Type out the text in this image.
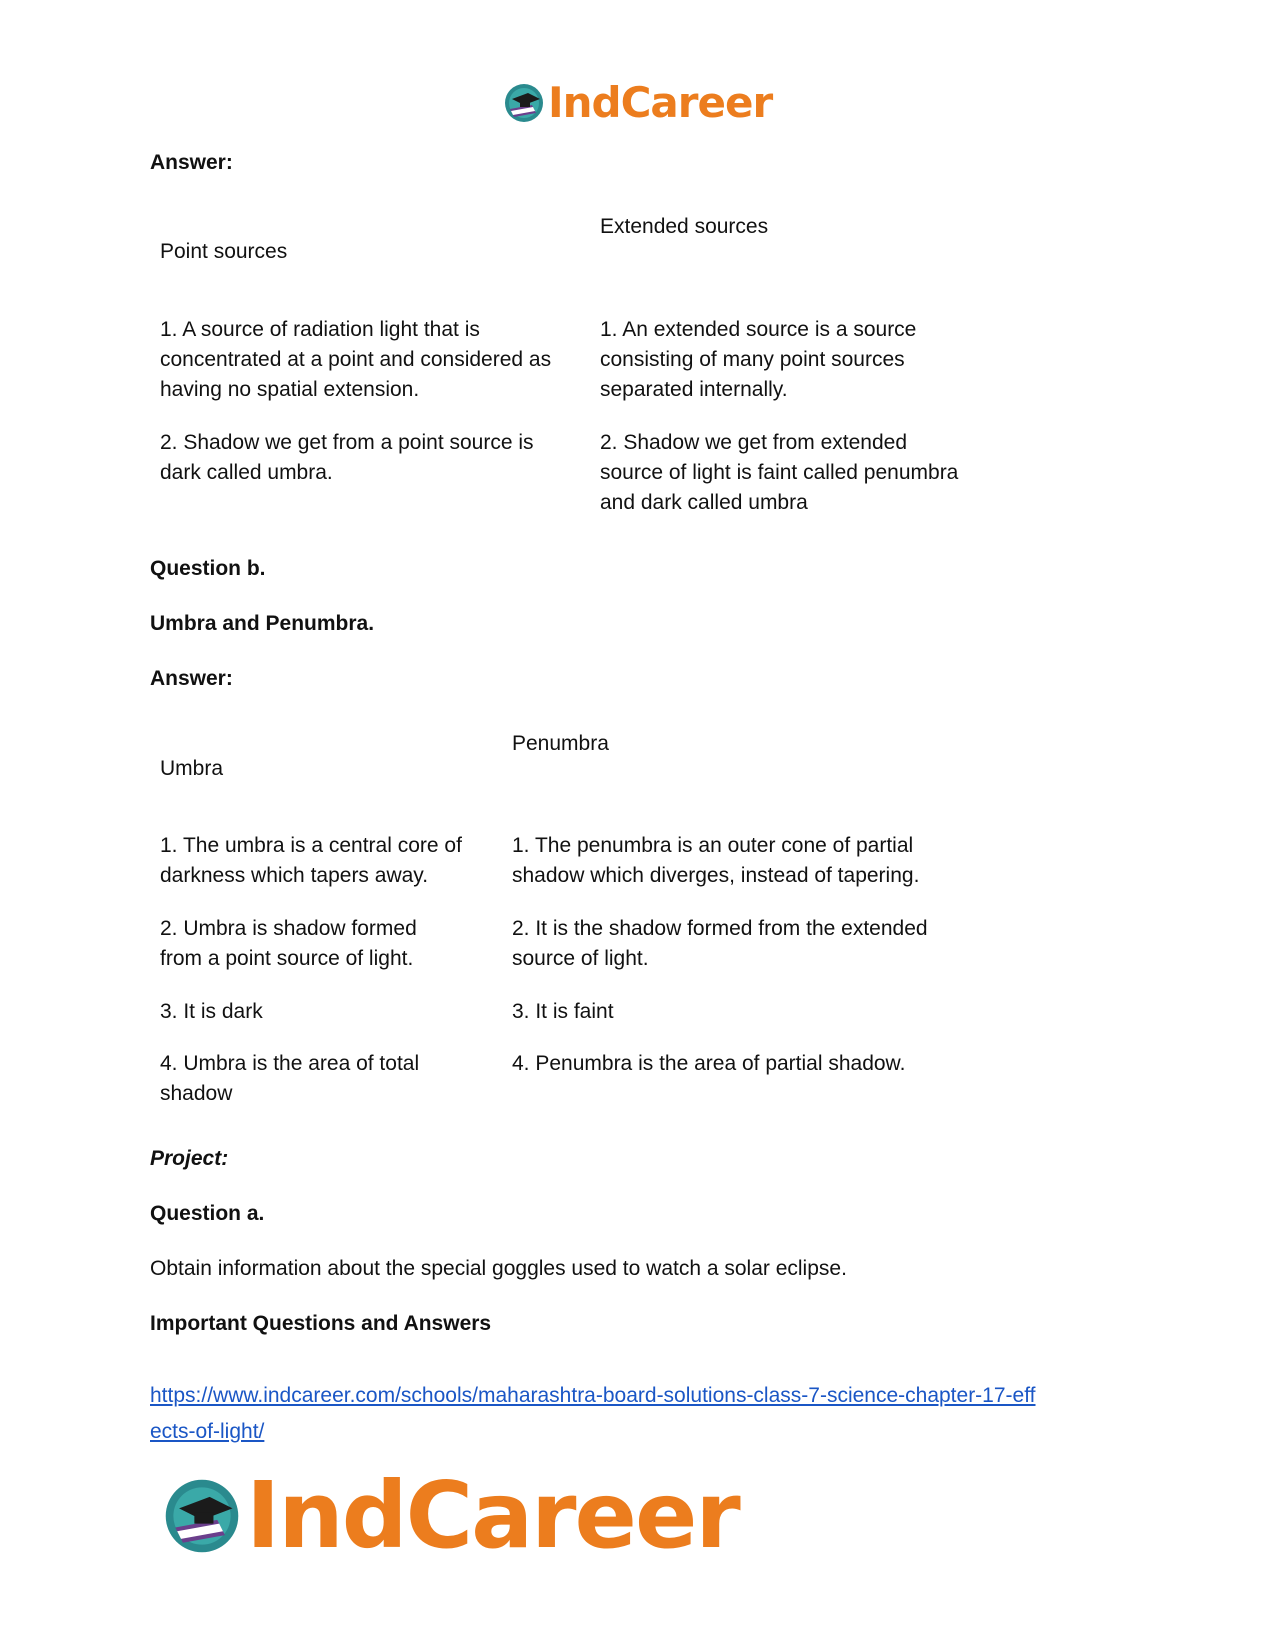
IndCareer
Answer:
Extended sources
Point sources
1. A source of radiation light that is concentrated at a point and considered as having no spatial extension.
1. An extended source is a source consisting of many point sources separated internally.
2. Shadow we get from a point source is dark called umbra.
2. Shadow we get from extended source of light is faint called penumbra and dark called umbra
Question b.
Umbra and Penumbra.
Answer:
Penumbra
Umbra
1. The umbra is a central core of darkness which tapers away.
1. The penumbra is an outer cone of partial shadow which diverges, instead of tapering.
2. Umbra is shadow formed from a point source of light.
2. It is the shadow formed from the extended source of light.
3. It is dark	3. It is faint
4. Umbra is the area of total shadow
4. Penumbra is the area of partial shadow.
Project:
Question a.
Obtain information about the special goggles used to watch a solar eclipse.
Important Questions and Answers
https://www.indcareer.com/schools/maharashtra-board-solutions-class-7-science-chapter-17-eff
ects-of-light/
IndCareer
